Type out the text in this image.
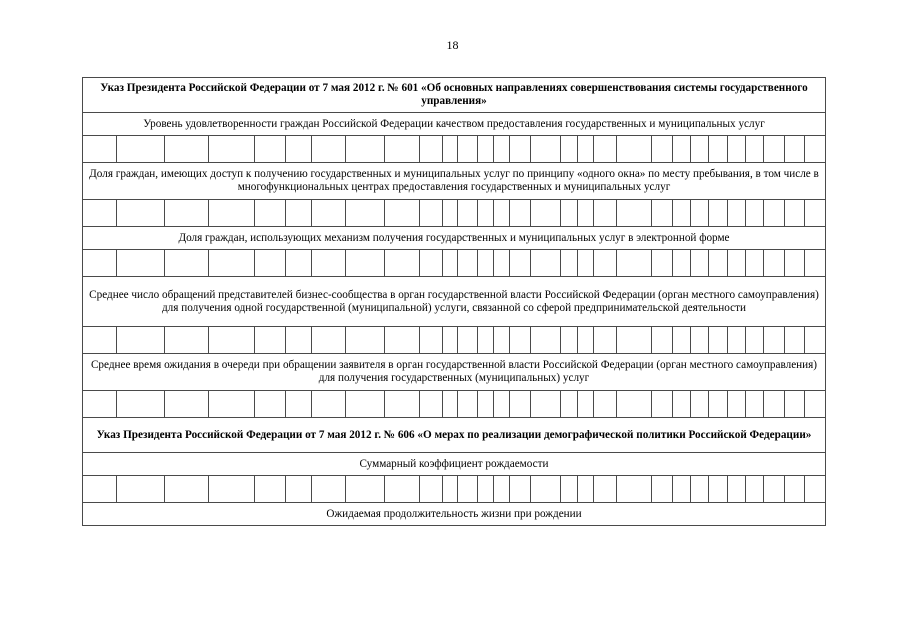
18
Указ Президента Российской Федерации от 7 мая 2012 г. № 601 «Об основных направлениях совершенствования системы государственного управления»
Уровень удовлетворенности граждан Российской Федерации качеством предоставления государственных и муниципальных услуг

Доля граждан, имеющих доступ к получению государственных и муниципальных услуг по принципу «одного окна» по месту пребывания, в том числе в многофункциональных центрах предоставления государственных и муниципальных услуг

Доля граждан, использующих механизм получения государственных и муниципальных услуг в электронной форме

Среднее число обращений представителей бизнес-сообщества в орган государственной власти Российской Федерации (орган местного самоуправления) для получения одной государственной (муниципальной) услуги, связанной со сферой предпринимательской деятельности

Среднее время ожидания в очереди при обращении заявителя в орган государственной власти Российской Федерации (орган местного самоуправления) для получения государственных (муниципальных) услуг

Указ Президента Российской Федерации от 7 мая 2012 г. № 606 «О мерах по реализации демографической политики Российской Федерации»
Суммарный коэффициент рождаемости

Ожидаемая продолжительность жизни при рождении
